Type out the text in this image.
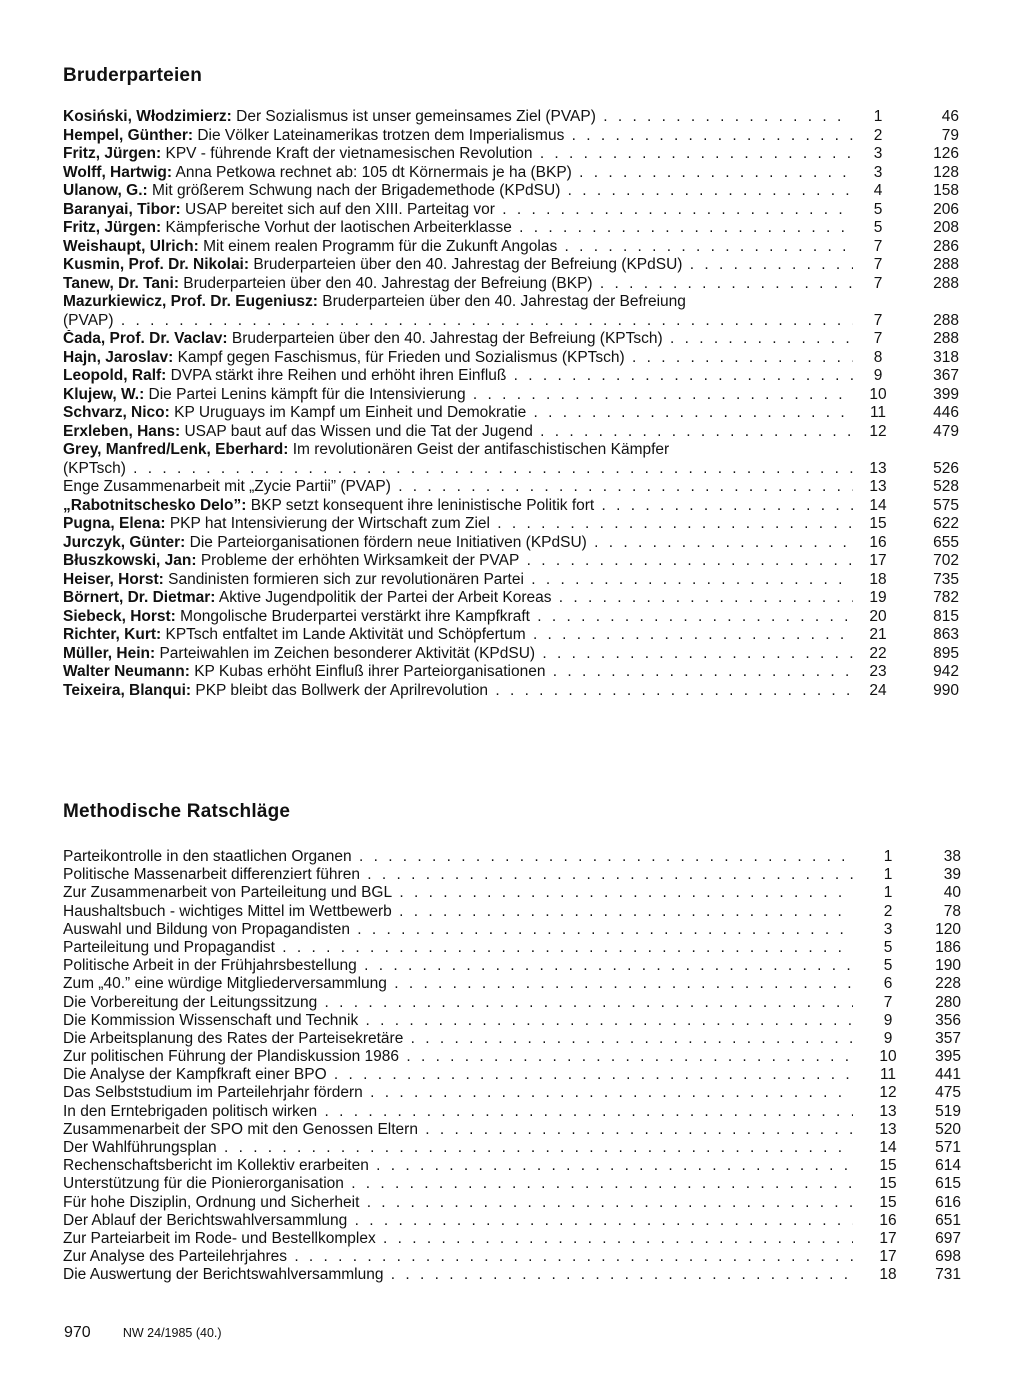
Bruderparteien
Kosiński, Włodzimierz: Der Sozialismus ist unser gemeinsames Ziel (PVAP) . . .	1	46
Hempel, Günther: Die Völker Lateinamerikas trotzen dem Imperialismus . . .	2	79
Fritz, Jürgen: KPV - führende Kraft der vietnamesischen Revolution . . .	3	126
Wolff, Hartwig: Anna Petkowa rechnet ab: 105 dt Körnermais je ha (BKP) . . .	3	128
Ulanow, G.: Mit größerem Schwung nach der Brigademethode (KPdSU) . . .	4	158
Baranyai, Tibor: USAP bereitet sich auf den XIII. Parteitag vor . . .	5	206
Fritz, Jürgen: Kämpferische Vorhut der laotischen Arbeiterklasse . . .	5	208
Weishaupt, Ulrich: Mit einem realen Programm für die Zukunft Angolas . . .	7	286
Kusmin, Prof. Dr. Nikolai: Bruderparteien über den 40. Jahrestag der Befreiung (KPdSU) . . .	7	288
Tanew, Dr. Tani: Bruderparteien über den 40. Jahrestag der Befreiung (BKP) . . .	7	288
Mazurkiewicz, Prof. Dr. Eugeniusz: Bruderparteien über den 40. Jahrestag der Befreiung
(PVAP) . . .	7	288
Čada, Prof. Dr. Vaclav: Bruderparteien über den 40. Jahrestag der Befreiung (KPTsch) . . .	7	288
Hajn, Jaroslav: Kampf gegen Faschismus, für Frieden und Sozialismus (KPTsch) . . .	8	318
Leopold, Ralf: DVPA stärkt ihre Reihen und erhöht ihren Einfluß . . .	9	367
Klujew, W.: Die Partei Lenins kämpft für die Intensivierung . . .	10	399
Schvarz, Nico: KP Uruguays im Kampf um Einheit und Demokratie . . .	11	446
Erxleben, Hans: USAP baut auf das Wissen und die Tat der Jugend . . .	12	479
Grey, Manfred/Lenk, Eberhard: Im revolutionären Geist der antifaschistischen Kämpfer
(KPTsch) . . .	13	526
Enge Zusammenarbeit mit „Zycie Partii” (PVAP) . . .	13	528
„Rabotnitschesko Delo”: BKP setzt konsequent ihre leninistische Politik fort . . .	14	575
Pugna, Elena: PKP hat Intensivierung der Wirtschaft zum Ziel . . .	15	622
Jurczyk, Günter: Die Parteiorganisationen fördern neue Initiativen (KPdSU) . . .	16	655
Błuszkowski, Jan: Probleme der erhöhten Wirksamkeit der PVAP . . .	17	702
Heiser, Horst: Sandinisten formieren sich zur revolutionären Partei . . .	18	735
Börnert, Dr. Dietmar: Aktive Jugendpolitik der Partei der Arbeit Koreas . . .	19	782
Siebeck, Horst: Mongolische Bruderpartei verstärkt ihre Kampfkraft . . .	20	815
Richter, Kurt: KPTsch entfaltet im Lande Aktivität und Schöpfertum . . .	21	863
Müller, Hein: Parteiwahlen im Zeichen besonderer Aktivität (KPdSU) . . .	22	895
Walter Neumann: KP Kubas erhöht Einfluß ihrer Parteiorganisationen . . .	23	942
Teixeira, Blanqui: PKP bleibt das Bollwerk der Aprilrevolution . . .	24	990
Methodische Ratschläge
Parteikontrolle in den staatlichen Organen . . .	1	38
Politische Massenarbeit differenziert führen . . .	1	39
Zur Zusammenarbeit von Parteileitung und BGL . . .	1	40
Haushaltsbuch - wichtiges Mittel im Wettbewerb . . .	2	78
Auswahl und Bildung von Propagandisten . . .	3	120
Parteileitung und Propagandist . . .	5	186
Politische Arbeit in der Frühjahrsbestellung . . .	5	190
Zum „40.” eine würdige Mitgliederversammlung . . .	6	228
Die Vorbereitung der Leitungssitzung . . .	7	280
Die Kommission Wissenschaft und Technik . . .	9	356
Die Arbeitsplanung des Rates der Parteisekretäre . . .	9	357
Zur politischen Führung der Plandiskussion 1986 . . .	10	395
Die Analyse der Kampfkraft einer BPO . . .	11	441
Das Selbststudium im Parteilehrjahr fördern . . .	12	475
In den Erntebrigaden politisch wirken . . .	13	519
Zusammenarbeit der SPO mit den Genossen Eltern . . .	13	520
Der Wahlführungsplan . . .	14	571
Rechenschaftsbericht im Kollektiv erarbeiten . . .	15	614
Unterstützung für die Pionierorganisation . . .	15	615
Für hohe Disziplin, Ordnung und Sicherheit . . .	15	616
Der Ablauf der Berichtswahlversammlung . . .	16	651
Zur Parteiarbeit im Rode- und Bestellkomplex . . .	17	697
Zur Analyse des Parteilehrjahres . . .	17	698
Die Auswertung der Berichtswahlversammlung . . .	18	731
970	NW 24/1985 (40.)
